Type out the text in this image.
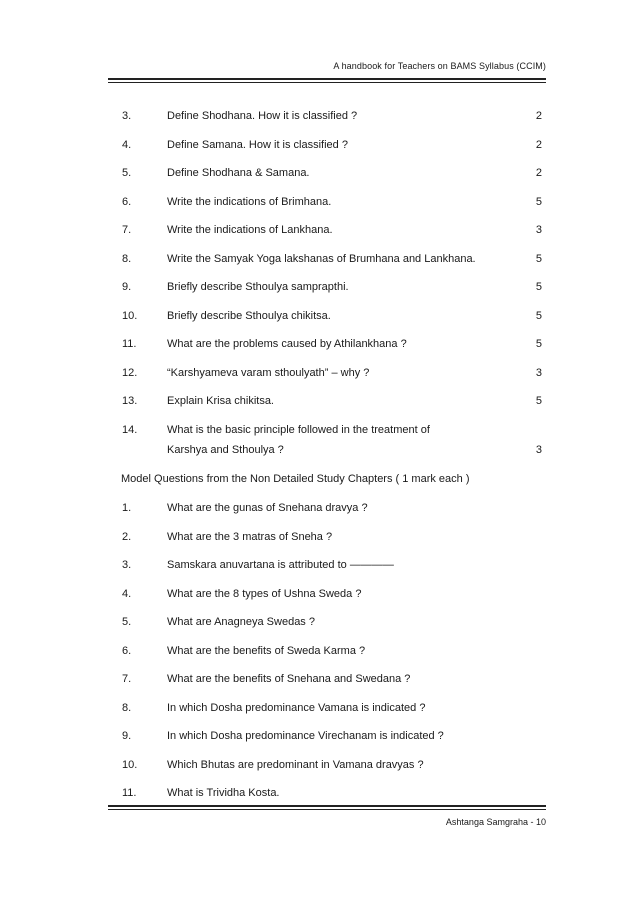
A handbook for Teachers on BAMS Syllabus (CCIM)
3.	Define Shodhana. How it is classified ?	2
4.	Define Samana. How it is classified ?	2
5.	Define Shodhana & Samana.	2
6.	Write the indications of Brimhana.	5
7.	Write the indications of Lankhana.	3
8.	Write the Samyak Yoga lakshanas of Brumhana and Lankhana.	5
9.	Briefly describe Sthoulya samprapthi.	5
10.	Briefly describe Sthoulya chikitsa.	5
11.	What are the problems caused by Athilankhana ?	5
12.	“Karshyameva varam sthoulyath” – why ?	3
13.	Explain Krisa chikitsa.	5
14.	What is the basic principle followed in the treatment of
Karshya and Sthoulya ?	3
Model Questions from the Non Detailed Study Chapters ( 1 mark each )
1.	What are the gunas of Snehana dravya ?
2.	What are the 3 matras of Sneha ?
3.	Samskara anuvartana is attributed to ————
4.	What are the 8 types of Ushna Sweda ?
5.	What are Anagneya Swedas ?
6.	What are the benefits of Sweda Karma ?
7.	What are the benefits of Snehana and Swedana ?
8.	In which Dosha predominance Vamana is indicated ?
9.	In which Dosha predominance Virechanam is indicated ?
10.	Which Bhutas are predominant in Vamana dravyas ?
11.	What is Trividha Kosta.
Ashtanga Samgraha - 10
